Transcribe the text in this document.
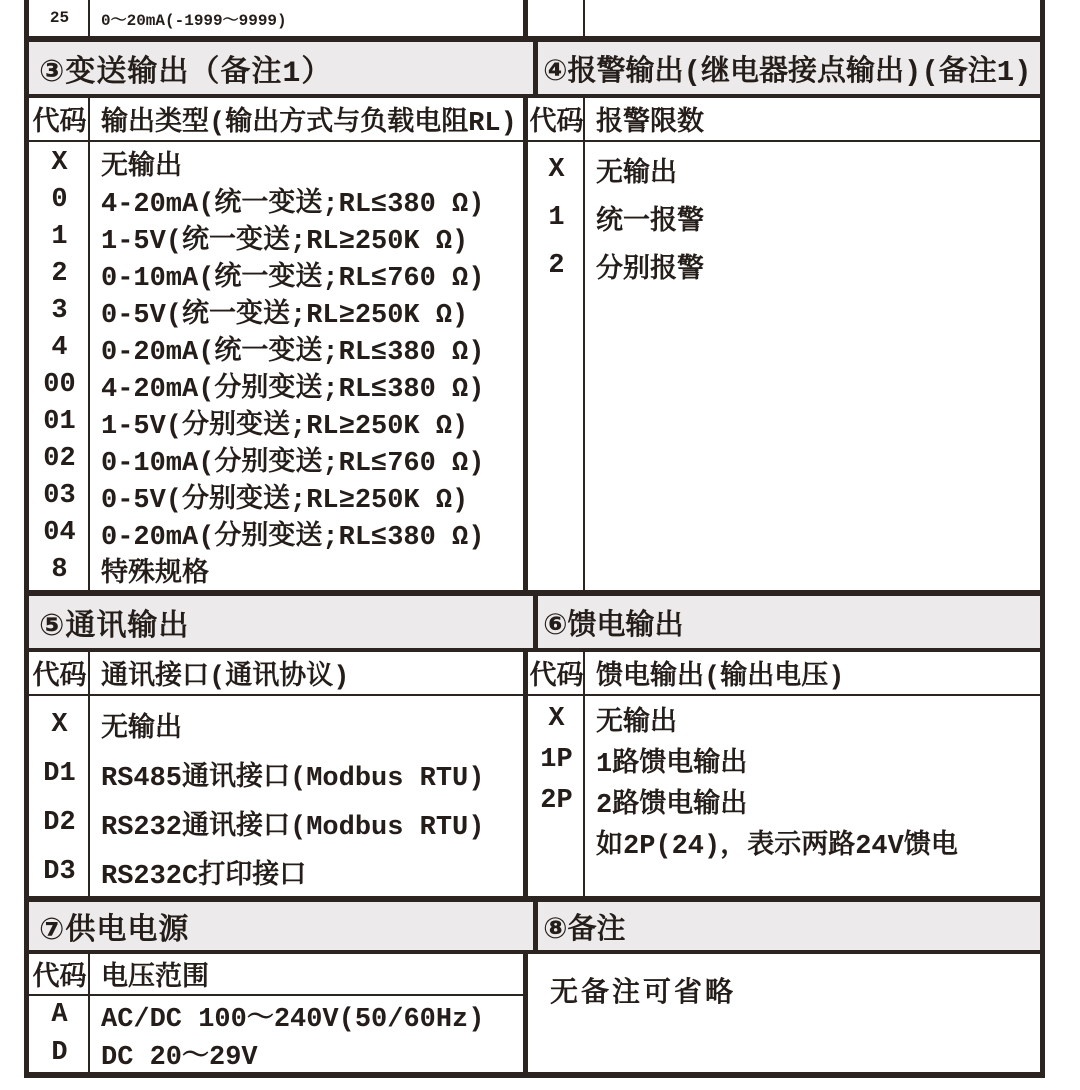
25	0～20mA(-1999～9999)
③变送输出（备注1）	④报警输出(继电器接点输出)(备注1)
代码 输出类型(输出方式与负载电阻RL)
X	无输出
0	4-20mA(统一变送;RL≤380 Ω)
1	1-5V(统一变送;RL≥250K Ω)
2	0-10mA(统一变送;RL≤760 Ω)
3	0-5V(统一变送;RL≥250K Ω)
4	0-20mA(统一变送;RL≤380 Ω)
00 4-20mA(分别变送;RL≤380 Ω)
01 1-5V(分别变送;RL≥250K Ω)
02 0-10mA(分别变送;RL≤760 Ω)
03 0-5V(分别变送;RL≥250K Ω)
04 0-20mA(分别变送;RL≤380 Ω)
8	特殊规格
代码 报警限数
X	无输出
1	统一报警
2	分别报警
⑤通讯输出	⑥馈电输出
代码 通讯接口(通讯协议)
X	无输出
D1 RS485通讯接口(Modbus RTU)
D2 RS232通讯接口(Modbus RTU)
D3 RS232C打印接口
代码 馈电输出(输出电压)
X	无输出
1P 1路馈电输出
2P 2路馈电输出
如2P(24)，表示两路24V馈电
⑦供电电源	⑧备注
代码 电压范围
A	AC/DC 100～240V(50/60Hz)
D	DC 20～29V
无备注可省略
